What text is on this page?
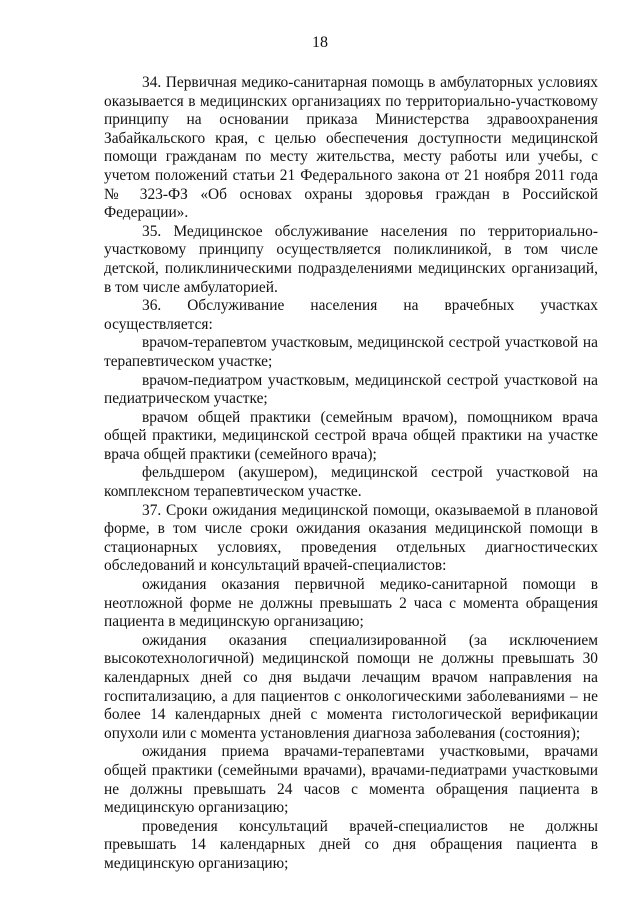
18

34. Первичная медико-санитарная помощь в амбулаторных условиях оказывается в медицинских организациях по территориально-участковому принципу на основании приказа Министерства здравоохранения Забайкальского края, с целью обеспечения доступности медицинской помощи гражданам по месту жительства, месту работы или учебы, с учетом положений статьи 21 Федерального закона от 21 ноября 2011 года № 323-ФЗ «Об основах охраны здоровья граждан в Российской Федерации».

35. Медицинское обслуживание населения по территориально-участковому принципу осуществляется поликлиникой, в том числе детской, поликлиническими подразделениями медицинских организаций, в том числе амбулаторией.

36. Обслуживание населения на врачебных участках осуществляется:

врачом-терапевтом участковым, медицинской сестрой участковой на терапевтическом участке;

врачом-педиатром участковым, медицинской сестрой участковой на педиатрическом участке;

врачом общей практики (семейным врачом), помощником врача общей практики, медицинской сестрой врача общей практики на участке врача общей практики (семейного врача);

фельдшером (акушером), медицинской сестрой участковой на комплексном терапевтическом участке.

37. Сроки ожидания медицинской помощи, оказываемой в плановой форме, в том числе сроки ожидания оказания медицинской помощи в стационарных условиях, проведения отдельных диагностических обследований и консультаций врачей-специалистов:

ожидания оказания первичной медико-санитарной помощи в неотложной форме не должны превышать 2 часа с момента обращения пациента в медицинскую организацию;

ожидания оказания специализированной (за исключением высокотехнологичной) медицинской помощи не должны превышать 30 календарных дней со дня выдачи лечащим врачом направления на госпитализацию, а для пациентов с онкологическими заболеваниями – не более 14 календарных дней с момента гистологической верификации опухоли или с момента установления диагноза заболевания (состояния);

ожидания приема врачами-терапевтами участковыми, врачами общей практики (семейными врачами), врачами-педиатрами участковыми не должны превышать 24 часов с момента обращения пациента в медицинскую организацию;

проведения консультаций врачей-специалистов не должны превышать 14 календарных дней со дня обращения пациента в медицинскую организацию;
